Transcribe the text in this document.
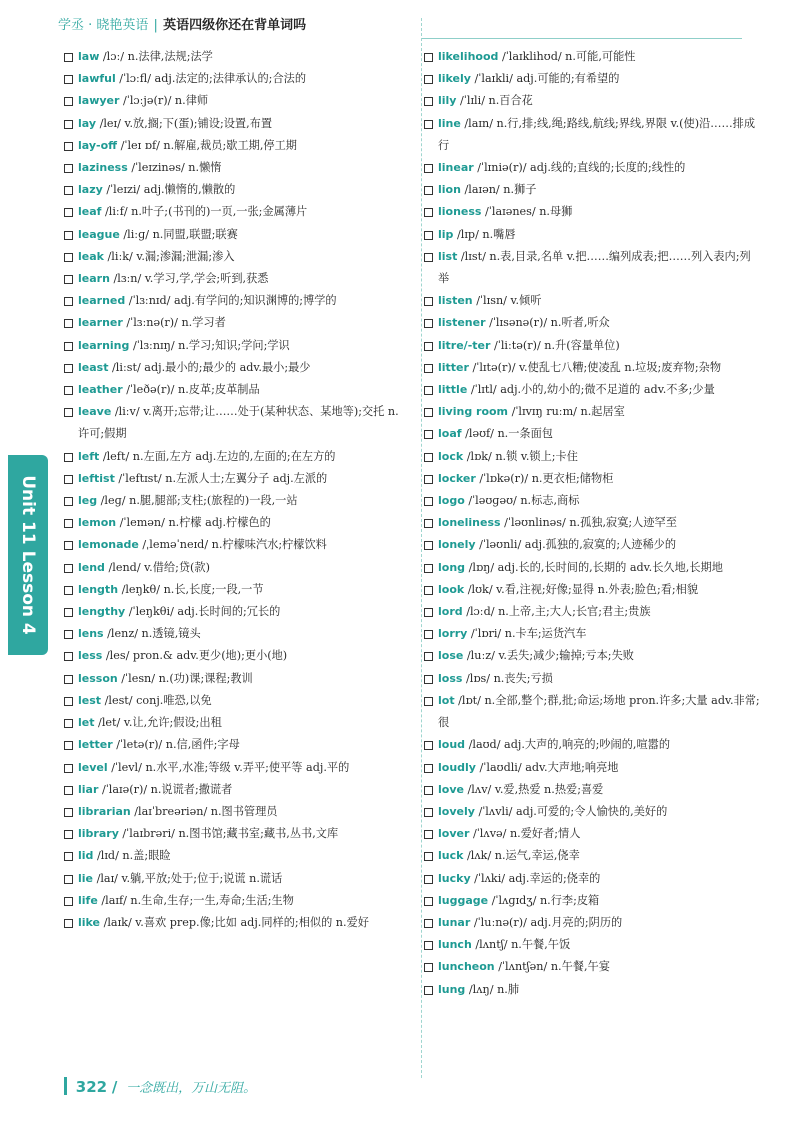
学丞 · 晓艳英语 | 英语四级你还在背单词吗

law /lɔː/ n.法律,法规;法学

lawful /ˈlɔːfl/ adj.法定的;法律承认的;合法的

lawyer /ˈlɔːjə(r)/ n.律师

lay /leɪ/ v.放,搁;下(蛋);铺设;设置,布置

lay-off /ˈleɪ ɒf/ n.解雇,裁员;歇工期,停工期

laziness /ˈleɪzinəs/ n.懒惰

lazy /ˈleɪzi/ adj.懒惰的,懒散的

leaf /liːf/ n.叶子;(书刊的)一页,一张;金属薄片

league /liːɡ/ n.同盟,联盟;联赛

leak /liːk/ v.漏;渗漏;泄漏;渗入

learn /lɜːn/ v.学习,学,学会;听到,获悉

learned /ˈlɜːnɪd/ adj.有学问的;知识渊博的;博学的

learner /ˈlɜːnə(r)/ n.学习者

learning /ˈlɜːnɪŋ/ n.学习;知识;学问;学识

least /liːst/ adj.最小的;最少的 adv.最小;最少

leather /ˈleðə(r)/ n.皮革;皮革制品

leave /liːv/ v.离开;忘带;让……处于(某种状态、某地等);交托 n.许可;假期

left /left/ n.左面,左方 adj.左边的,左面的;在左方的

leftist /ˈleftɪst/ n.左派人士;左翼分子 adj.左派的

leg /leɡ/ n.腿,腿部;支柱;(旅程的)一段,一站

lemon /ˈlemən/ n.柠檬 adj.柠檬色的

lemonade /ˌleməˈneɪd/ n.柠檬味汽水;柠檬饮料

lend /lend/ v.借给;贷(款)

length /leŋkθ/ n.长,长度;一段,一节

lengthy /ˈleŋkθi/ adj.长时间的;冗长的

lens /lenz/ n.透镜,镜头

less /les/ pron.& adv.更少(地);更小(地)

lesson /ˈlesn/ n.(功)课;课程;教训

lest /lest/ conj.唯恐,以免

let /let/ v.让,允许;假设;出租

letter /ˈletə(r)/ n.信,函件;字母

level /ˈlevl/ n.水平,水准;等级 v.弄平;使平等 adj.平的

liar /ˈlaɪə(r)/ n.说谎者;撒谎者

librarian /laɪˈbreəriən/ n.图书管理员

library /ˈlaɪbrəri/ n.图书馆;藏书室;藏书,丛书,文库

lid /lɪd/ n.盖;眼睑

lie /laɪ/ v.躺,平放;处于;位于;说谎 n.谎话

life /laɪf/ n.生命,生存;一生,寿命;生活;生物

like /laɪk/ v.喜欢 prep.像;比如 adj.同样的;相似的 n.爱好

likelihood /ˈlaɪklihʊd/ n.可能,可能性

likely /ˈlaɪkli/ adj.可能的;有希望的

lily /ˈlɪli/ n.百合花

line /laɪn/ n.行,排;线,绳;路线,航线;界线,界限 v.(使)沿……排成行

linear /ˈlɪniə(r)/ adj.线的;直线的;长度的;线性的

lion /laɪən/ n.狮子

lioness /ˈlaɪənes/ n.母狮

lip /lɪp/ n.嘴唇

list /lɪst/ n.表,目录,名单 v.把……编列成表;把……列入表内;列举

listen /ˈlɪsn/ v.倾听

listener /ˈlɪsənə(r)/ n.听者,听众

litre/-ter /ˈliːtə(r)/ n.升(容量单位)

litter /ˈlɪtə(r)/ v.使乱七八糟;使凌乱 n.垃圾;废弃物;杂物

little /ˈlɪtl/ adj.小的,幼小的;微不足道的 adv.不多;少量

living room /ˈlɪvɪŋ ruːm/ n.起居室

loaf /ləʊf/ n.一条面包

lock /lɒk/ n.锁 v.锁上;卡住

locker /ˈlɒkə(r)/ n.更衣柜;储物柜

logo /ˈləʊɡəʊ/ n.标志,商标

loneliness /ˈləʊnlinəs/ n.孤独,寂寞;人迹罕至

lonely /ˈləʊnli/ adj.孤独的,寂寞的;人迹稀少的

long /lɒŋ/ adj.长的,长时间的,长期的 adv.长久地,长期地

look /lʊk/ v.看,注视;好像;显得 n.外表;脸色;看;相貌

lord /lɔːd/ n.上帝,主;大人;长官;君主;贵族

lorry /ˈlɒri/ n.卡车;运货汽车

lose /luːz/ v.丢失;减少;输掉;亏本;失败

loss /lɒs/ n.丧失;亏损

lot /lɒt/ n.全部,整个;群,批;命运;场地 pron.许多;大量 adv.非常;很

loud /laʊd/ adj.大声的,响亮的;吵闹的,喧嚣的

loudly /ˈlaʊdli/ adv.大声地;响亮地

love /lʌv/ v.爱,热爱 n.热爱;喜爱

lovely /ˈlʌvli/ adj.可爱的;令人愉快的,美好的

lover /ˈlʌvə/ n.爱好者;情人

luck /lʌk/ n.运气,幸运,侥幸

lucky /ˈlʌki/ adj.幸运的;侥幸的

luggage /ˈlʌɡɪdʒ/ n.行李;皮箱

lunar /ˈluːnə(r)/ adj.月亮的;阴历的

lunch /lʌntʃ/ n.午餐,午饭

luncheon /ˈlʌntʃən/ n.午餐,午宴

lung /lʌŋ/ n.肺

Unit 11 Lesson 4
322 / 一念既出，万山无阻。
